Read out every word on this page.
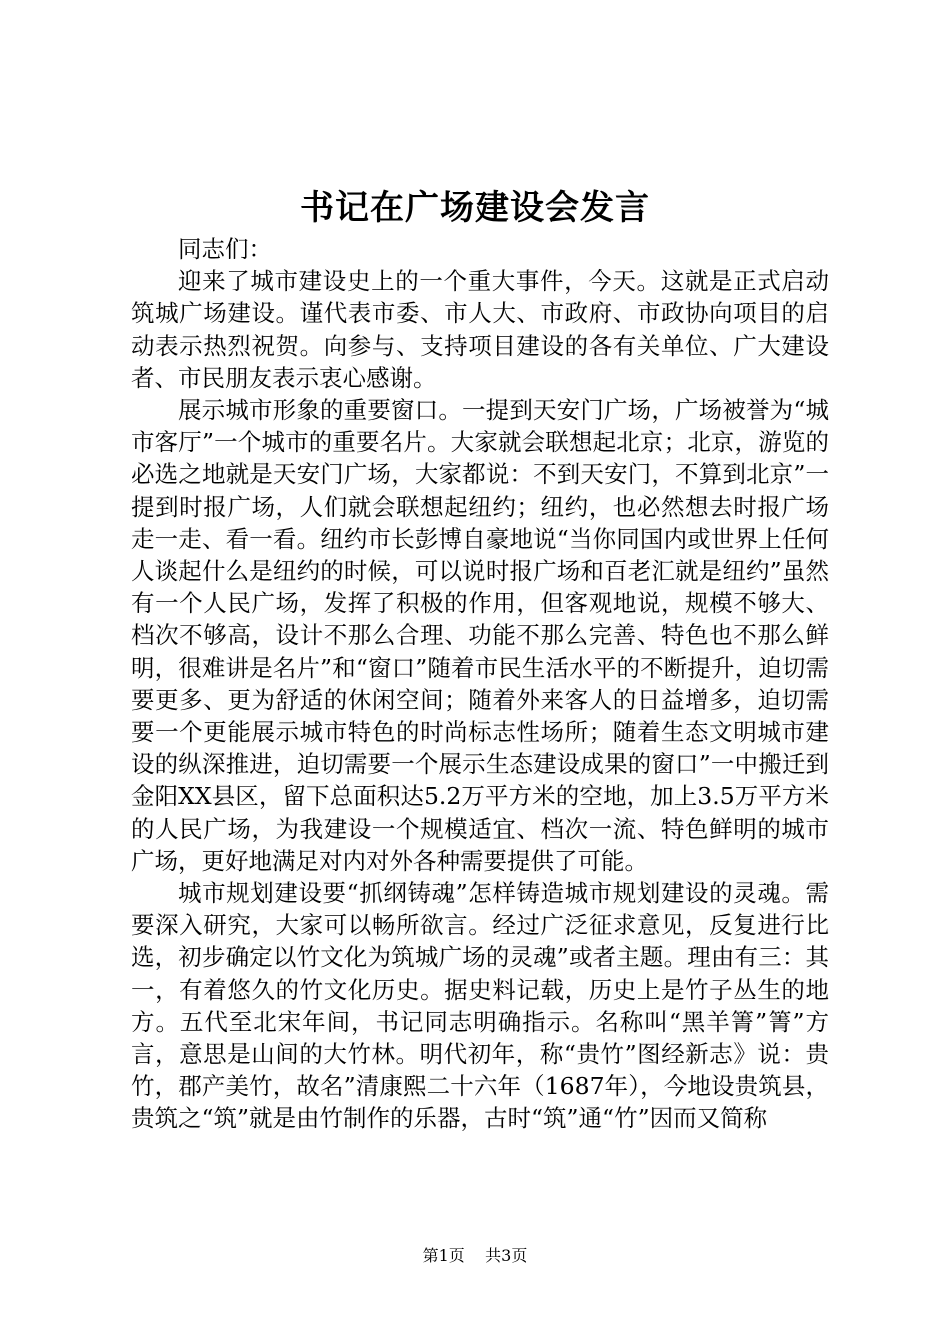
书记在广场建设会发言

同志们：

迎来了城市建设史上的一个重大事件，今天。这就是正式启动筑城广场建设。谨代表市委、市人大、市政府、市政协向项目的启动表示热烈祝贺。向参与、支持项目建设的各有关单位、广大建设者、市民朋友表示衷心感谢。

展示城市形象的重要窗口。一提到天安门广场，广场被誉为“城市客厅”一个城市的重要名片。大家就会联想起北京；北京，游览的必选之地就是天安门广场，大家都说：不到天安门，不算到北京”一提到时报广场，人们就会联想起纽约；纽约，也必然想去时报广场走一走、看一看。纽约市长彭博自豪地说“当你同国内或世界上任何人谈起什么是纽约的时候，可以说时报广场和百老汇就是纽约”虽然有一个人民广场，发挥了积极的作用，但客观地说，规模不够大、档次不够高，设计不那么合理、功能不那么完善、特色也不那么鲜明，很难讲是名片”和“窗口”随着市民生活水平的不断提升，迫切需要更多、更为舒适的休闲空间；随着外来客人的日益增多，迫切需要一个更能展示城市特色的时尚标志性场所；随着生态文明城市建设的纵深推进，迫切需要一个展示生态建设成果的窗口”一中搬迁到金阳XX县区，留下总面积达5.2万平方米的空地，加上3.5万平方米的人民广场，为我建设一个规模适宜、档次一流、特色鲜明的城市广场，更好地满足对内对外各种需要提供了可能。

城市规划建设要“抓纲铸魂”怎样铸造城市规划建设的灵魂。需要深入研究，大家可以畅所欲言。经过广泛征求意见，反复进行比选，初步确定以竹文化为筑城广场的灵魂”或者主题。理由有三：其一，有着悠久的竹文化历史。据史料记载，历史上是竹子丛生的地方。五代至北宋年间，书记同志明确指示。名称叫“黑羊箐”箐”方言，意思是山间的大竹林。明代初年，称“贵竹”图经新志》说：贵竹，郡产美竹，故名”清康熙二十六年（1687年），今地设贵筑县，贵筑之“筑”就是由竹制作的乐器，古时“筑”通“竹”因而又简称

第1页 共3页
